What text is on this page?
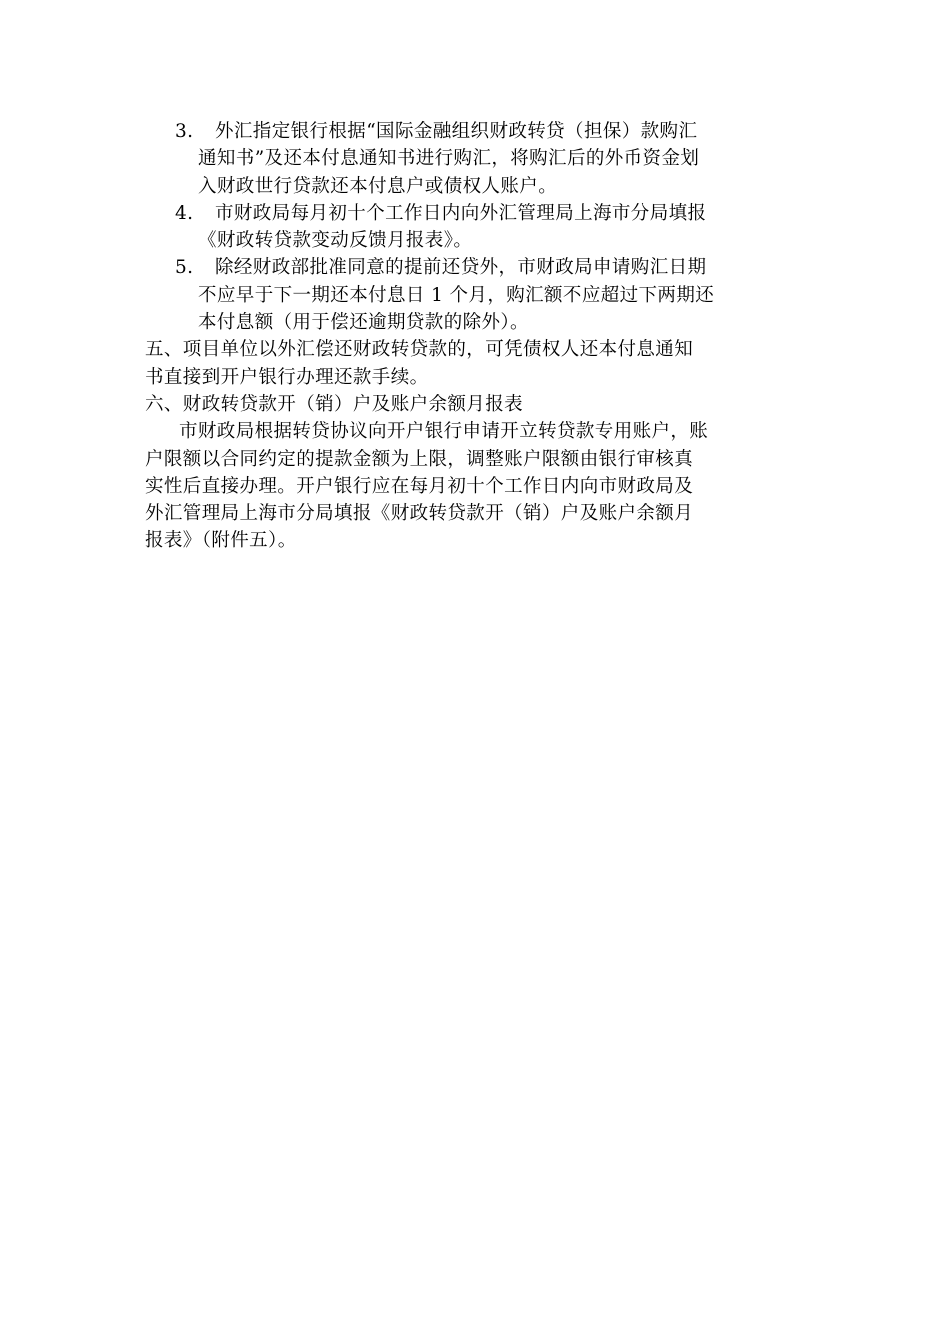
3. 外汇指定银行根据“国际金融组织财政转贷（担保）款购汇
通知书”及还本付息通知书进行购汇，将购汇后的外币资金划
入财政世行贷款还本付息户或债权人账户。
4. 市财政局每月初十个工作日内向外汇管理局上海市分局填报
《财政转贷款变动反馈月报表》。
5. 除经财政部批准同意的提前还贷外，市财政局申请购汇日期
不应早于下一期还本付息日 1 个月，购汇额不应超过下两期还
本付息额（用于偿还逾期贷款的除外）。
五、项目单位以外汇偿还财政转贷款的，可凭债权人还本付息通知
书直接到开户银行办理还款手续。
六、财政转贷款开（销）户及账户余额月报表
市财政局根据转贷协议向开户银行申请开立转贷款专用账户，账
户限额以合同约定的提款金额为上限，调整账户限额由银行审核真
实性后直接办理。开户银行应在每月初十个工作日内向市财政局及
外汇管理局上海市分局填报《财政转贷款开（销）户及账户余额月
报表》（附件五）。
